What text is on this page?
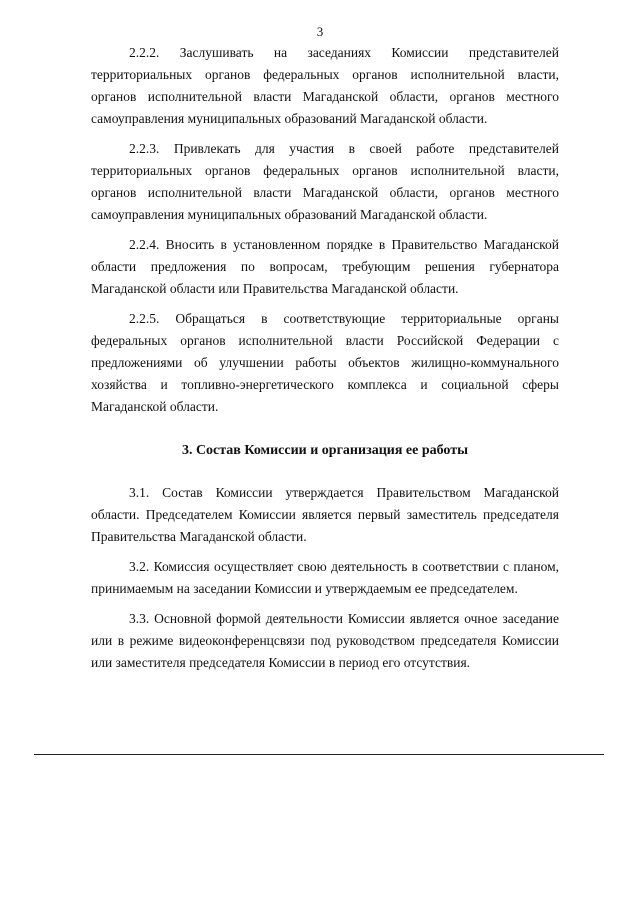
3

2.2.2. Заслушивать на заседаниях Комиссии представителей территориальных органов федеральных органов исполнительной власти, органов исполнительной власти Магаданской области, органов местного самоуправления муниципальных образований Магаданской области.

2.2.3. Привлекать для участия в своей работе представителей территориальных органов федеральных органов исполнительной власти, органов исполнительной власти Магаданской области, органов местного самоуправления муниципальных образований Магаданской области.

2.2.4. Вносить в установленном порядке в Правительство Магаданской области предложения по вопросам, требующим решения губернатора Магаданской области или Правительства Магаданской области.

2.2.5. Обращаться в соответствующие территориальные органы федеральных органов исполнительной власти Российской Федерации с предложениями об улучшении работы объектов жилищно-коммунального хозяйства и топливно-энергетического комплекса и социальной сферы Магаданской области.

3. Состав Комиссии и организация ее работы

3.1. Состав Комиссии утверждается Правительством Магаданской области. Председателем Комиссии является первый заместитель председателя Правительства Магаданской области.

3.2. Комиссия осуществляет свою деятельность в соответствии с планом, принимаемым на заседании Комиссии и утверждаемым ее председателем.

3.3. Основной формой деятельности Комиссии является очное заседание или в режиме видеоконференцсвязи под руководством председателя Комиссии или заместителя председателя Комиссии в период его отсутствия.
